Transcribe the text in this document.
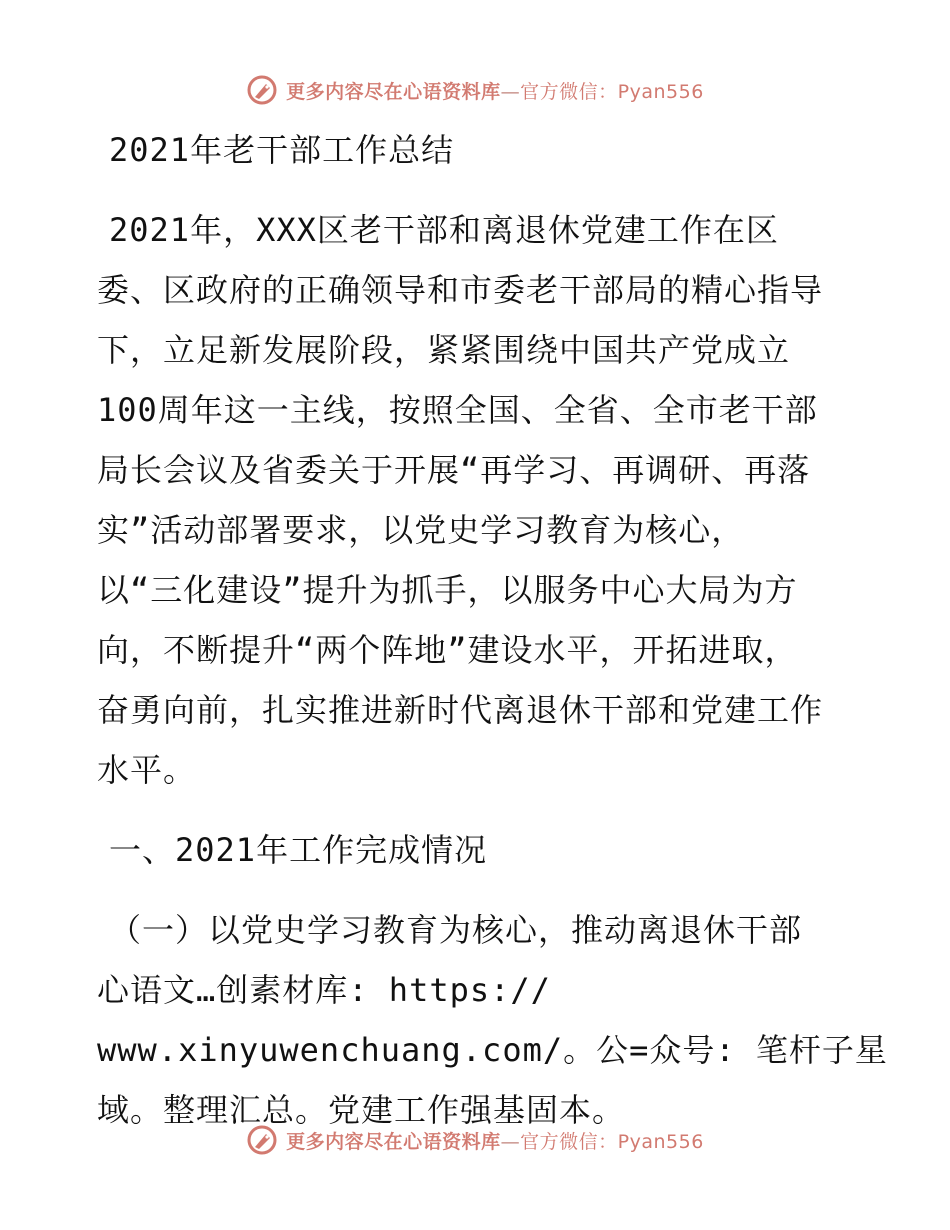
更多内容尽在心语资料库—官方微信：Pyan556
2021年老干部工作总结
2021年，XXX区老干部和离退休党建工作在区
委、区政府的正确领导和市委老干部局的精心指导
下，立足新发展阶段，紧紧围绕中国共产党成立
100周年这一主线，按照全国、全省、全市老干部
局长会议及省委关于开展“再学习、再调研、再落
实”活动部署要求，以党史学习教育为核心，
以“三化建设”提升为抓手，以服务中心大局为方
向，不断提升“两个阵地”建设水平，开拓进取，
奋勇向前，扎实推进新时代离退休干部和党建工作
水平。
一、2021年工作完成情况
（一）以党史学习教育为核心，推动离退休干部
心语文…创素材库: https://
www.xinyuwenchuang.com/。公=众号: 笔杆子星
域。整理汇总。党建工作强基固本。
更多内容尽在心语资料库—官方微信：Pyan556
